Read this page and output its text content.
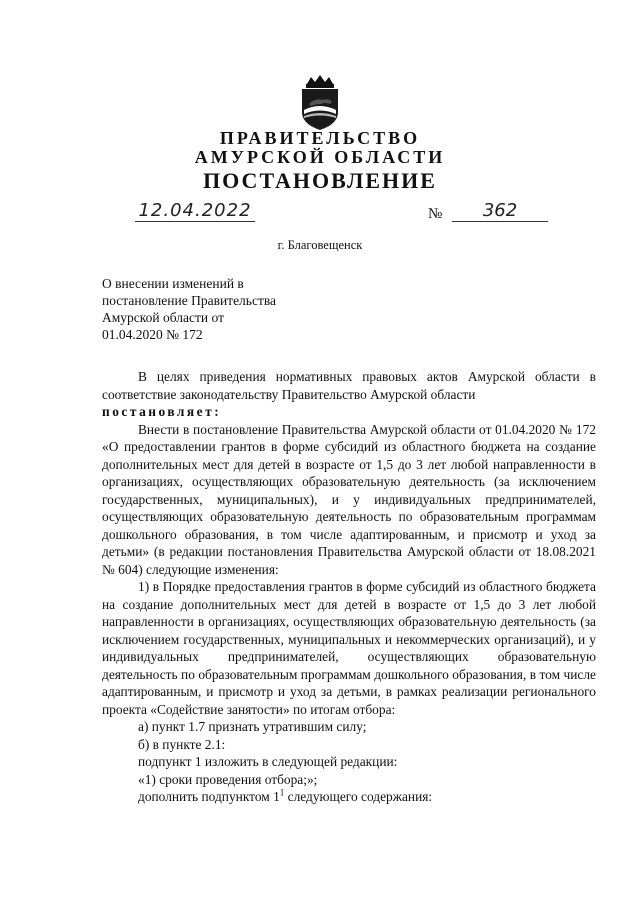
ПРАВИТЕЛЬСТВО
АМУРСКОЙ ОБЛАСТИ
ПОСТАНОВЛЕНИЕ
12.04.2022	№	362
г. Благовещенск
О внесении изменений в
постановление Правительства
Амурской области от
01.04.2020 № 172

В целях приведения нормативных правовых актов Амурской области в соответствие законодательству Правительство Амурской области

постановляет:

Внести в постановление Правительства Амурской области от 01.04.2020 № 172 «О предоставлении грантов в форме субсидий из областного бюджета на создание дополнительных мест для детей в возрасте от 1,5 до 3 лет любой направленности в организациях, осуществляющих образовательную деятельность (за исключением государственных, муниципальных), и у индивидуальных предпринимателей, осуществляющих образовательную деятельность по образовательным программам дошкольного образования, в том числе адаптированным, и присмотр и уход за детьми» (в редакции постановления Правительства Амурской области от 18.08.2021 № 604) следующие изменения:

1) в Порядке предоставления грантов в форме субсидий из областного бюджета на создание дополнительных мест для детей в возрасте от 1,5 до 3 лет любой направленности в организациях, осуществляющих образовательную деятельность (за исключением государственных, муниципальных и некоммерческих организаций), и у индивидуальных предпринимателей, осуществляющих образовательную деятельность по образовательным программам дошкольного образования, в том числе адаптированным, и присмотр и уход за детьми, в рамках реализации регионального проекта «Содействие занятости» по итогам отбора:

а) пункт 1.7 признать утратившим силу;

б) в пункте 2.1:

подпункт 1 изложить в следующей редакции:

«1) сроки проведения отбора;»;

дополнить подпунктом $1^1$ следующего содержания:
